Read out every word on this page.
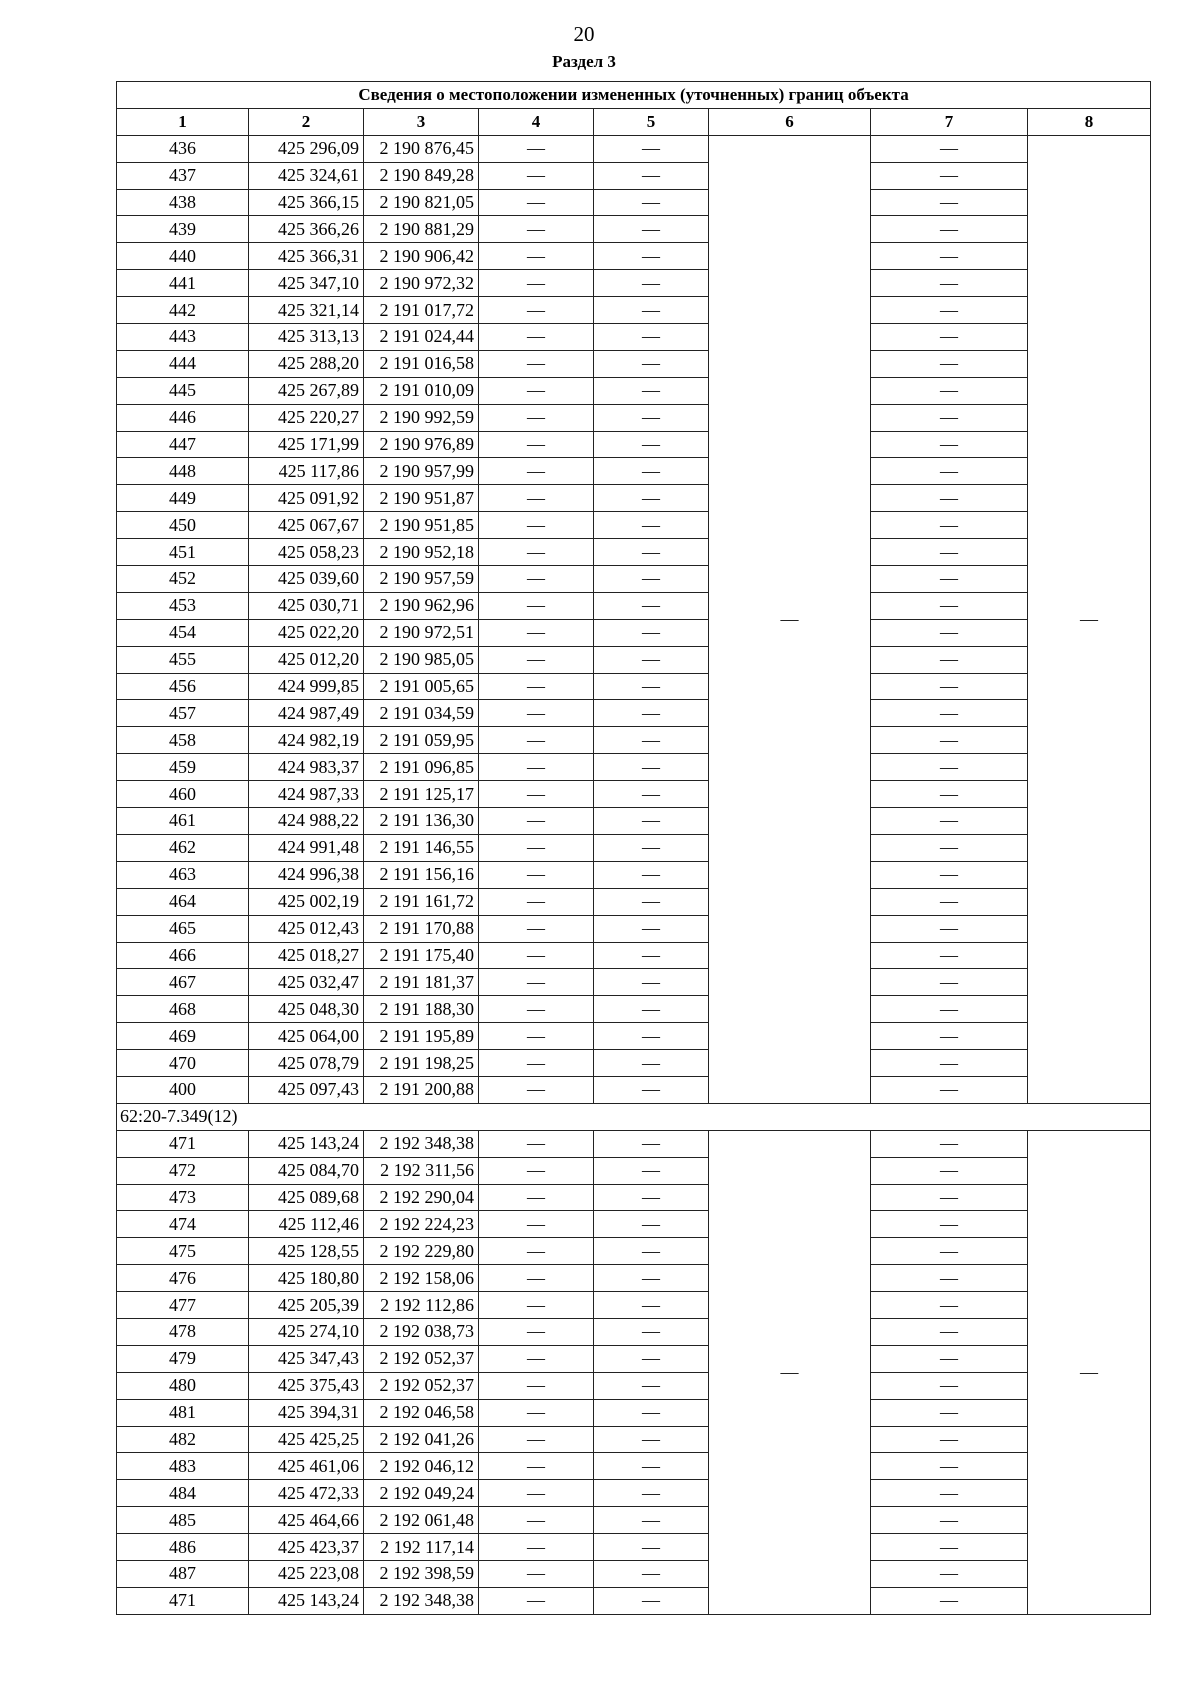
20
Раздел 3
Сведения о местоположении измененных (уточненных) границ объекта							
1	2	3	4	5	6	7	8
436	425 296,09	2 190 876,45	—	—	—	—	—
437	425 324,61	2 190 849,28	—	—		—	
438	425 366,15	2 190 821,05	—	—		—	
439	425 366,26	2 190 881,29	—	—		—	
440	425 366,31	2 190 906,42	—	—		—	
441	425 347,10	2 190 972,32	—	—		—	
442	425 321,14	2 191 017,72	—	—		—	
443	425 313,13	2 191 024,44	—	—		—	
444	425 288,20	2 191 016,58	—	—		—	
445	425 267,89	2 191 010,09	—	—		—	
446	425 220,27	2 190 992,59	—	—		—	
447	425 171,99	2 190 976,89	—	—		—	
448	425 117,86	2 190 957,99	—	—		—	
449	425 091,92	2 190 951,87	—	—		—	
450	425 067,67	2 190 951,85	—	—		—	
451	425 058,23	2 190 952,18	—	—		—	
452	425 039,60	2 190 957,59	—	—		—	
453	425 030,71	2 190 962,96	—	—		—	
454	425 022,20	2 190 972,51	—	—		—	
455	425 012,20	2 190 985,05	—	—		—	
456	424 999,85	2 191 005,65	—	—		—	
457	424 987,49	2 191 034,59	—	—		—	
458	424 982,19	2 191 059,95	—	—		—	
459	424 983,37	2 191 096,85	—	—		—	
460	424 987,33	2 191 125,17	—	—		—	
461	424 988,22	2 191 136,30	—	—		—	
462	424 991,48	2 191 146,55	—	—		—	
463	424 996,38	2 191 156,16	—	—		—	
464	425 002,19	2 191 161,72	—	—		—	
465	425 012,43	2 191 170,88	—	—		—	
466	425 018,27	2 191 175,40	—	—		—	
467	425 032,47	2 191 181,37	—	—		—	
468	425 048,30	2 191 188,30	—	—		—	
469	425 064,00	2 191 195,89	—	—		—	
470	425 078,79	2 191 198,25	—	—		—	
400	425 097,43	2 191 200,88	—	—		—	
62:20-7.349(12)							
471	425 143,24	2 192 348,38	—	—	—	—	—
472	425 084,70	2 192 311,56	—	—		—	
473	425 089,68	2 192 290,04	—	—		—	
474	425 112,46	2 192 224,23	—	—		—	
475	425 128,55	2 192 229,80	—	—		—	
476	425 180,80	2 192 158,06	—	—		—	
477	425 205,39	2 192 112,86	—	—		—	
478	425 274,10	2 192 038,73	—	—		—	
479	425 347,43	2 192 052,37	—	—		—	
480	425 375,43	2 192 052,37	—	—		—	
481	425 394,31	2 192 046,58	—	—		—	
482	425 425,25	2 192 041,26	—	—		—	
483	425 461,06	2 192 046,12	—	—		—	
484	425 472,33	2 192 049,24	—	—		—	
485	425 464,66	2 192 061,48	—	—		—	
486	425 423,37	2 192 117,14	—	—		—	
487	425 223,08	2 192 398,59	—	—		—	
471	425 143,24	2 192 348,38	—	—		—	
